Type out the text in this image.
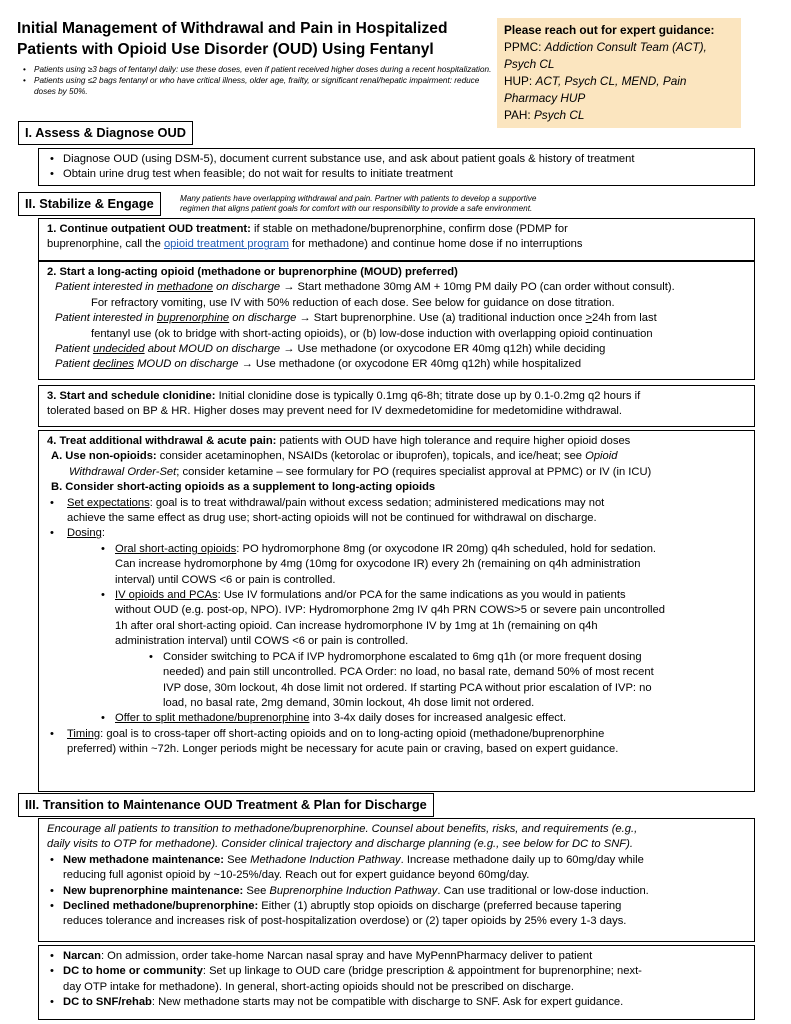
Initial Management of Withdrawal and Pain in Hospitalized
Patients with Opioid Use Disorder (OUD) Using Fentanyl
• Patients using ≥3 bags of fentanyl daily: use these doses, even if patient received higher doses during a recent hospitalization.
• Patients using ≤2 bags fentanyl or who have critical illness, older age, frailty, or significant renal/hepatic impairment: reduce doses by 50%.
Please reach out for expert guidance:
PPMC: Addiction Consult Team (ACT), Psych CL
HUP: ACT, Psych CL, MEND, Pain Pharmacy HUP
PAH: Psych CL
I. Assess & Diagnose OUD
• Diagnose OUD (using DSM-5), document current substance use, and ask about patient goals & history of treatment
• Obtain urine drug test when feasible; do not wait for results to initiate treatment
II. Stabilize & Engage	Many patients have overlapping withdrawal and pain. Partner with patients to develop a supportive
regimen that aligns patient goals for comfort with our responsibility to provide a safe environment.
1. Continue outpatient OUD treatment: if stable on methadone/buprenorphine, confirm dose (PDMP for
buprenorphine, call the opioid treatment program for methadone) and continue home dose if no interruptions
2. Start a long-acting opioid (methadone or buprenorphine (MOUD) preferred)
Patient interested in methadone on discharge → Start methadone 30mg AM + 10mg PM daily PO (can order without consult).
For refractory vomiting, use IV with 50% reduction of each dose. See below for guidance on dose titration.
Patient interested in buprenorphine on discharge → Start buprenorphine. Use (a) traditional induction once >24h from last
fentanyl use (ok to bridge with short-acting opioids), or (b) low-dose induction with overlapping opioid continuation
Patient undecided about MOUD on discharge → Use methadone (or oxycodone ER 40mg q12h) while deciding
Patient declines MOUD on discharge → Use methadone (or oxycodone ER 40mg q12h) while hospitalized
3. Start and schedule clonidine: Initial clonidine dose is typically 0.1mg q6-8h; titrate dose up by 0.1-0.2mg q2 hours if
tolerated based on BP & HR. Higher doses may prevent need for IV dexmedetomidine for medetomidine withdrawal.
4. Treat additional withdrawal & acute pain: patients with OUD have high tolerance and require higher opioid doses
A. Use non-opioids: consider acetaminophen, NSAIDs (ketorolac or ibuprofen), topicals, and ice/heat; see Opioid
Withdrawal Order-Set; consider ketamine – see formulary for PO (requires specialist approval at PPMC) or IV (in ICU)
B. Consider short-acting opioids as a supplement to long-acting opioids
• Set expectations: goal is to treat withdrawal/pain without excess sedation; administered medications may not
achieve the same effect as drug use; short-acting opioids will not be continued for withdrawal on discharge.
• Dosing:
• Oral short-acting opioids: PO hydromorphone 8mg (or oxycodone IR 20mg) q4h scheduled, hold for sedation.
Can increase hydromorphone by 4mg (10mg for oxycodone IR) every 2h (remaining on q4h administration
interval) until COWS <6 or pain is controlled.
• IV opioids and PCAs: Use IV formulations and/or PCA for the same indications as you would in patients
without OUD (e.g. post-op, NPO). IVP: Hydromorphone 2mg IV q4h PRN COWS>5 or severe pain uncontrolled
1h after oral short-acting opioid. Can increase hydromorphone IV by 1mg at 1h (remaining on q4h
administration interval) until COWS <6 or pain is controlled.
• Consider switching to PCA if IVP hydromorphone escalated to 6mg q1h (or more frequent dosing
needed) and pain still uncontrolled. PCA Order: no load, no basal rate, demand 50% of most recent
IVP dose, 30m lockout, 4h dose limit not ordered. If starting PCA without prior escalation of IVP: no
load, no basal rate, 2mg demand, 30min lockout, 4h dose limit not ordered.
• Offer to split methadone/buprenorphine into 3-4x daily doses for increased analgesic effect.
• Timing: goal is to cross-taper off short-acting opioids and on to long-acting opioid (methadone/buprenorphine
preferred) within ~72h. Longer periods might be necessary for acute pain or craving, based on expert guidance.
III. Transition to Maintenance OUD Treatment & Plan for Discharge
Encourage all patients to transition to methadone/buprenorphine. Counsel about benefits, risks, and requirements (e.g.,
daily visits to OTP for methadone). Consider clinical trajectory and discharge planning (e.g., see below for DC to SNF).
• New methadone maintenance: See Methadone Induction Pathway. Increase methadone daily up to 60mg/day while
reducing full agonist opioid by ~10-25%/day. Reach out for expert guidance beyond 60mg/day.
• New buprenorphine maintenance: See Buprenorphine Induction Pathway. Can use traditional or low-dose induction.
• Declined methadone/buprenorphine: Either (1) abruptly stop opioids on discharge (preferred because tapering
reduces tolerance and increases risk of post-hospitalization overdose) or (2) taper opioids by 25% every 1-3 days.
• Narcan: On admission, order take-home Narcan nasal spray and have MyPennPharmacy deliver to patient
• DC to home or community: Set up linkage to OUD care (bridge prescription & appointment for buprenorphine; next-
day OTP intake for methadone). In general, short-acting opioids should not be prescribed on discharge.
• DC to SNF/rehab: New methadone starts may not be compatible with discharge to SNF. Ask for expert guidance.
